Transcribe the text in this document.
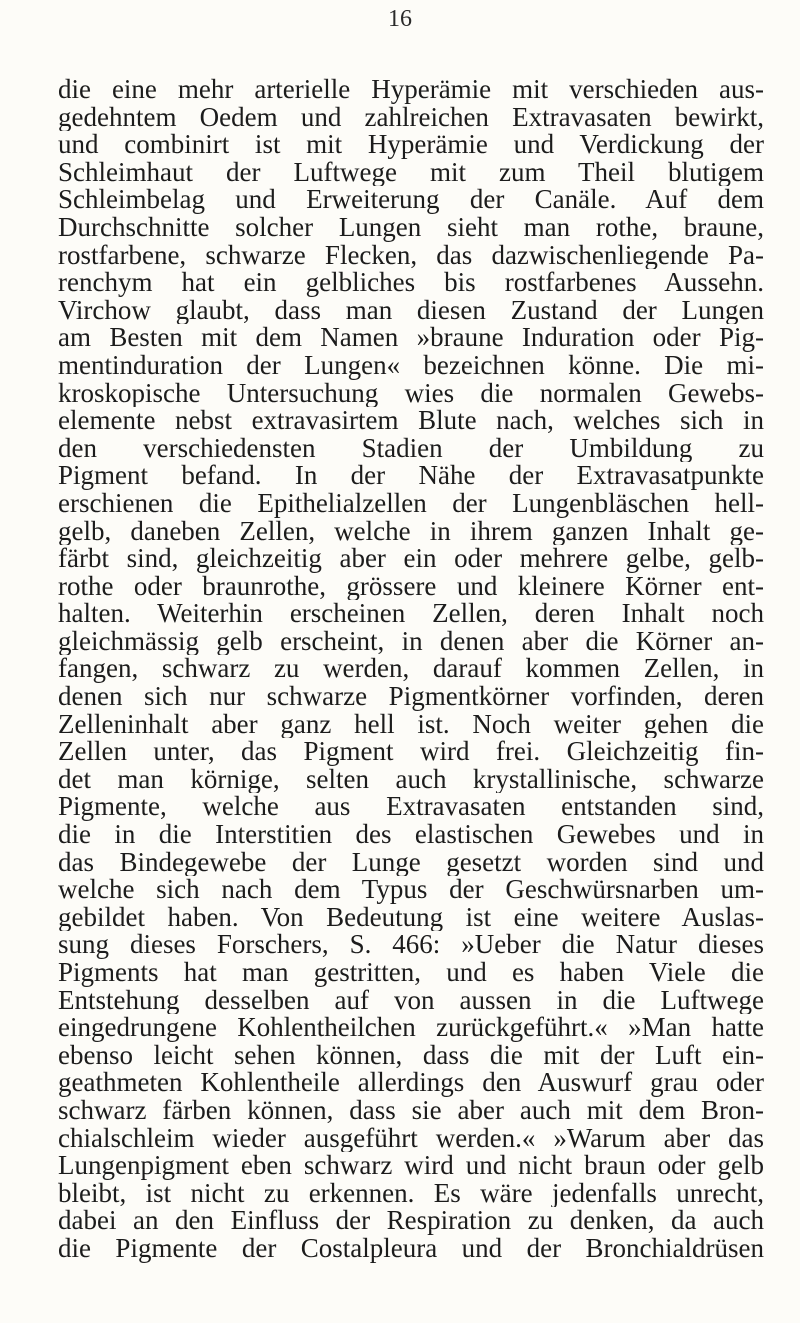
16
die eine mehr arterielle Hyperämie mit verschieden aus-
gedehntem Oedem und zahlreichen Extravasaten bewirkt,
und combinirt ist mit Hyperämie und Verdickung der
Schleimhaut der Luftwege mit zum Theil blutigem
Schleimbelag und Erweiterung der Canäle. Auf dem
Durchschnitte solcher Lungen sieht man rothe, braune,
rostfarbene, schwarze Flecken, das dazwischenliegende Pa-
renchym hat ein gelbliches bis rostfarbenes Aussehn.
Virchow glaubt, dass man diesen Zustand der Lungen
am Besten mit dem Namen »braune Induration oder Pig-
mentinduration der Lungen« bezeichnen könne. Die mi-
kroskopische Untersuchung wies die normalen Gewebs-
elemente nebst extravasirtem Blute nach, welches sich in
den verschiedensten Stadien der Umbildung zu
Pigment befand. In der Nähe der Extravasatpunkte
erschienen die Epithelialzellen der Lungenbläschen hell-
gelb, daneben Zellen, welche in ihrem ganzen Inhalt ge-
färbt sind, gleichzeitig aber ein oder mehrere gelbe, gelb-
rothe oder braunrothe, grössere und kleinere Körner ent-
halten. Weiterhin erscheinen Zellen, deren Inhalt noch
gleichmässig gelb erscheint, in denen aber die Körner an-
fangen, schwarz zu werden, darauf kommen Zellen, in
denen sich nur schwarze Pigmentkörner vorfinden, deren
Zelleninhalt aber ganz hell ist. Noch weiter gehen die
Zellen unter, das Pigment wird frei. Gleichzeitig fin-
det man körnige, selten auch krystallinische, schwarze
Pigmente, welche aus Extravasaten entstanden sind,
die in die Interstitien des elastischen Gewebes und in
das Bindegewebe der Lunge gesetzt worden sind und
welche sich nach dem Typus der Geschwürsnarben um-
gebildet haben. Von Bedeutung ist eine weitere Auslas-
sung dieses Forschers, S. 466: »Ueber die Natur dieses
Pigments hat man gestritten, und es haben Viele die
Entstehung desselben auf von aussen in die Luftwege
eingedrungene Kohlentheilchen zurückgeführt.« »Man hatte
ebenso leicht sehen können, dass die mit der Luft ein-
geathmeten Kohlentheile allerdings den Auswurf grau oder
schwarz färben können, dass sie aber auch mit dem Bron-
chialschleim wieder ausgeführt werden.« »Warum aber das
Lungenpigment eben schwarz wird und nicht braun oder gelb
bleibt, ist nicht zu erkennen. Es wäre jedenfalls unrecht,
dabei an den Einfluss der Respiration zu denken, da auch
die Pigmente der Costalpleura und der Bronchialdrüsen
